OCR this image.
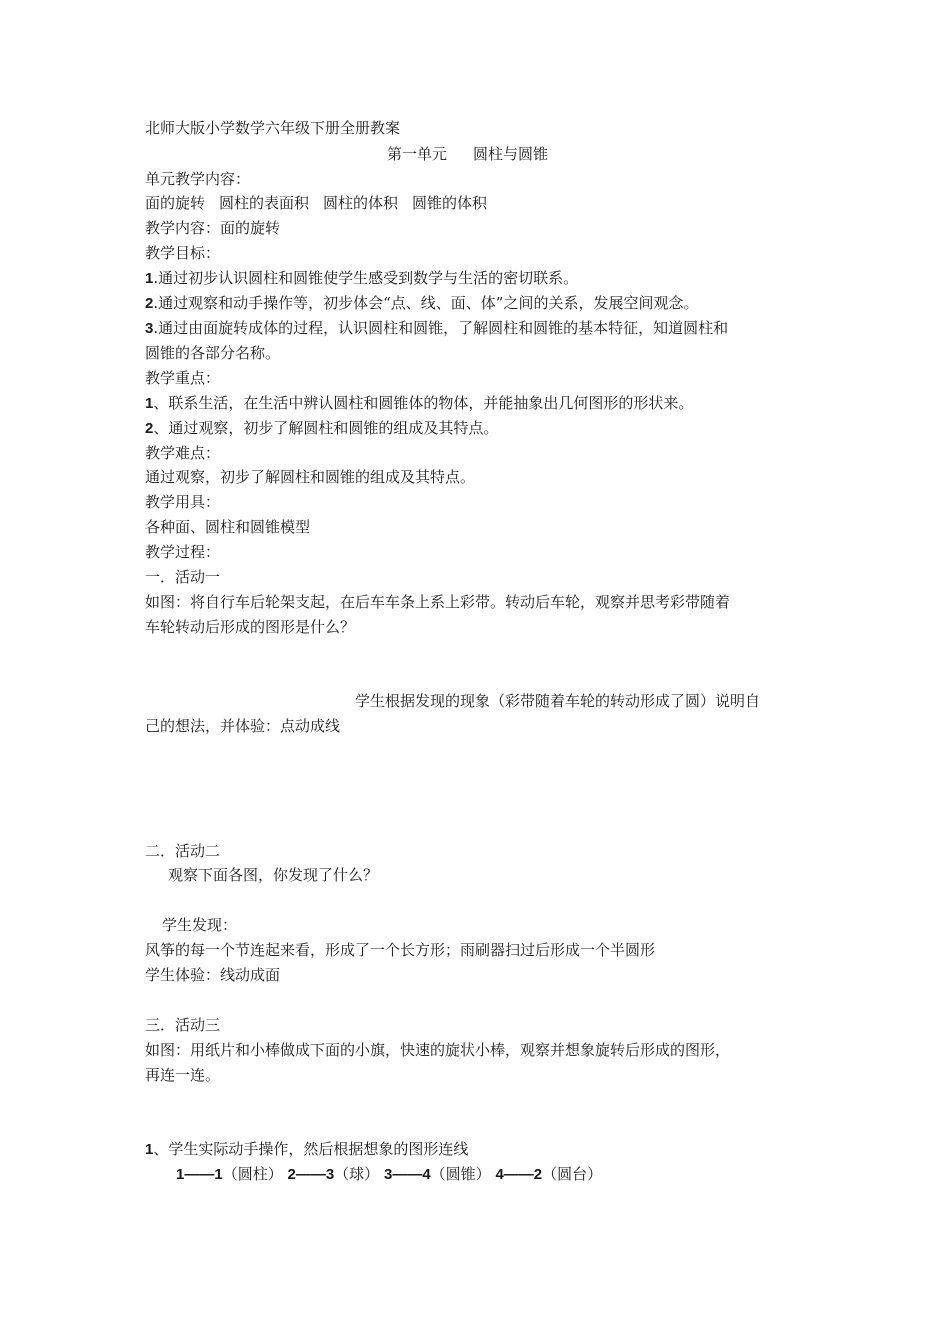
北师大版小学数学六年级下册全册教案
第一单元 圆柱与圆锥
单元教学内容：
面的旋转 圆柱的表面积 圆柱的体积 圆锥的体积
教学内容：面的旋转
教学目标：
1.通过初步认识圆柱和圆锥使学生感受到数学与生活的密切联系。
2.通过观察和动手操作等，初步体会“点、线、面、体”之间的关系，发展空间观念。
3.通过由面旋转成体的过程，认识圆柱和圆锥，了解圆柱和圆锥的基本特征，知道圆柱和
圆锥的各部分名称。
教学重点：
1、联系生活，在生活中辨认圆柱和圆锥体的物体，并能抽象出几何图形的形状来。
2、通过观察，初步了解圆柱和圆锥的组成及其特点。
教学难点：
通过观察，初步了解圆柱和圆锥的组成及其特点。
教学用具：
各种面、圆柱和圆锥模型
教学过程：
一．活动一
如图：将自行车后轮架支起，在后车车条上系上彩带。转动后车轮，观察并思考彩带随着
车轮转动后形成的图形是什么？
学生根据发现的现象（彩带随着车轮的转动形成了圆）说明自
己的想法，并体验：点动成线
二．活动二
观察下面各图，你发现了什么？
学生发现：
风筝的每一个节连起来看，形成了一个长方形；雨刷器扫过后形成一个半圆形
学生体验：线动成面
三．活动三
如图：用纸片和小棒做成下面的小旗，快速的旋状小棒，观察并想象旋转后形成的图形，
再连一连。
1、学生实际动手操作，然后根据想象的图形连线
1——1（圆柱） 2——3（球） 3——4（圆锥） 4——2（圆台）
